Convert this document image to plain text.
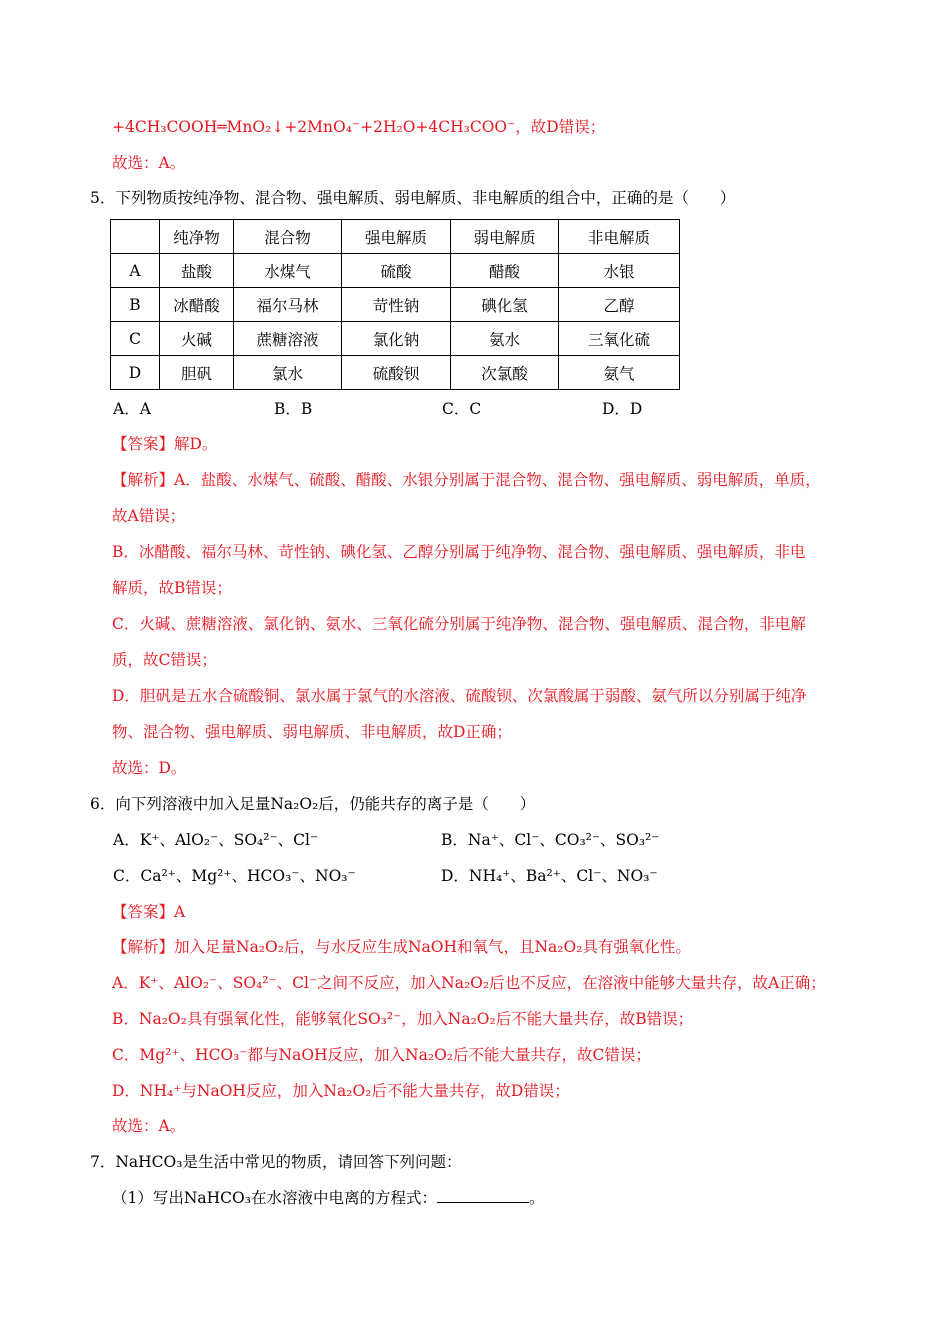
+4CH₃COOH═MnO₂↓+2MnO₄⁻+2H₂O+4CH₃COO⁻，故D错误；
故选：A。
5．下列物质按纯净物、混合物、强电解质、弱电解质、非电解质的组合中，正确的是（　　）
	纯净物	混合物	强电解质	弱电解质	非电解质
A	盐酸	水煤气	硫酸	醋酸	水银
B	冰醋酸	福尔马林	苛性钠	碘化氢	乙醇
C	火碱	蔗糖溶液	氯化钠	氨水	三氧化硫
D	胆矾	氯水	硫酸钡	次氯酸	氨气
A．A	B．B	C．C	D．D
【答案】解D。
【解析】A．盐酸、水煤气、硫酸、醋酸、水银分别属于混合物、混合物、强电解质、弱电解质，单质，
故A错误；
B．冰醋酸、福尔马林、苛性钠、碘化氢、乙醇分别属于纯净物、混合物、强电解质、强电解质，非电
解质，故B错误；
C．火碱、蔗糖溶液、氯化钠、氨水、三氧化硫分别属于纯净物、混合物、强电解质、混合物，非电解
质，故C错误；
D．胆矾是五水合硫酸铜、氯水属于氯气的水溶液、硫酸钡、次氯酸属于弱酸、氨气所以分别属于纯净
物、混合物、强电解质、弱电解质、非电解质，故D正确；
故选：D。
6．向下列溶液中加入足量Na₂O₂后，仍能共存的离子是（　　）
A．K⁺、AlO₂⁻、SO₄²⁻、Cl⁻	B．Na⁺、Cl⁻、CO₃²⁻、SO₃²⁻
C．Ca²⁺、Mg²⁺、HCO₃⁻、NO₃⁻	D．NH₄⁺、Ba²⁺、Cl⁻、NO₃⁻
【答案】A
【解析】加入足量Na₂O₂后，与水反应生成NaOH和氧气，且Na₂O₂具有强氧化性。
A．K⁺、AlO₂⁻、SO₄²⁻、Cl⁻之间不反应，加入Na₂O₂后也不反应，在溶液中能够大量共存，故A正确；
B．Na₂O₂具有强氧化性，能够氧化SO₃²⁻，加入Na₂O₂后不能大量共存，故B错误；
C．Mg²⁺、HCO₃⁻都与NaOH反应，加入Na₂O₂后不能大量共存，故C错误；
D．NH₄⁺与NaOH反应，加入Na₂O₂后不能大量共存，故D错误；
故选：A。
7．NaHCO₃是生活中常见的物质，请回答下列问题：
（1）写出NaHCO₃在水溶液中电离的方程式：	。
